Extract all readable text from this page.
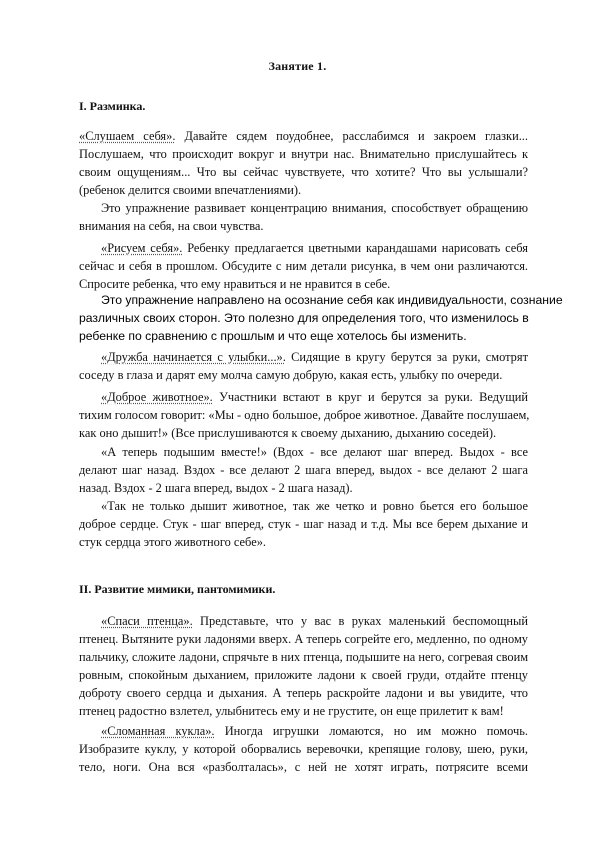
Занятие 1.
I. Разминка.
«Слушаем себя». Давайте сядем поудобнее, расслабимся и закроем глазки...
Послушаем, что происходит вокруг и внутри нас. Внимательно прислушайтесь к
своим ощущениям... Что вы сейчас чувствуете, что хотите? Что вы услышали?
(ребенок делится своими впечатлениями).
Это упражнение развивает концентрацию внимания, способствует обращению
внимания на себя, на свои чувства.
«Рисуем себя». Ребенку предлагается цветными карандашами нарисовать себя
сейчас и себя в прошлом. Обсудите с ним детали рисунка, в чем они различаются.
Спросите ребенка, что ему нравиться и не нравится в себе.
Это упражнение направлено на осознание себя как индивидуальности, сознание
различных своих сторон. Это полезно для определения того, что изменилось в
ребенке по сравнению с прошлым и что еще хотелось бы изменить.
«Дружба начинается с улыбки...». Сидящие в кругу берутся за руки, смотрят
соседу в глаза и дарят ему молча самую добрую, какая есть, улыбку по очереди.
«Доброе животное». Участники встают в круг и берутся за руки. Ведущий
тихим голосом говорит: «Мы - одно большое, доброе животное. Давайте послушаем,
как оно дышит!» (Все прислушиваются к своему дыханию, дыханию соседей).
«А теперь подышим вместе!» (Вдох - все делают шаг вперед. Выдох - все
делают шаг назад. Вздох - все делают 2 шага вперед, выдох - все делают 2 шага
назад. Вздох - 2 шага вперед, выдох - 2 шага назад).
«Так не только дышит животное, так же четко и ровно бьется его большое
доброе сердце. Стук - шаг вперед, стук - шаг назад и т.д. Мы все берем дыхание и
стук сердца этого животного себе».
II. Развитие мимики, пантомимики.
«Спаси птенца». Представьте, что у вас в руках маленький беспомощный
птенец. Вытяните руки ладонями вверх. А теперь согрейте его, медленно, по одному
пальчику, сложите ладони, спрячьте в них птенца, подышите на него, согревая своим
ровным, спокойным дыханием, приложите ладони к своей груди, отдайте птенцу
доброту своего сердца и дыхания. А теперь раскройте ладони и вы увидите, что
птенец радостно взлетел, улыбнитесь ему и не грустите, он еще прилетит к вам!
«Сломанная кукла». Иногда игрушки ломаются, но им можно помочь.
Изобразите куклу, у которой оборвались веревочки, крепящие голову, шею, руки,
тело, ноги. Она вся «разболталась», с ней не хотят играть, потрясите всеми
